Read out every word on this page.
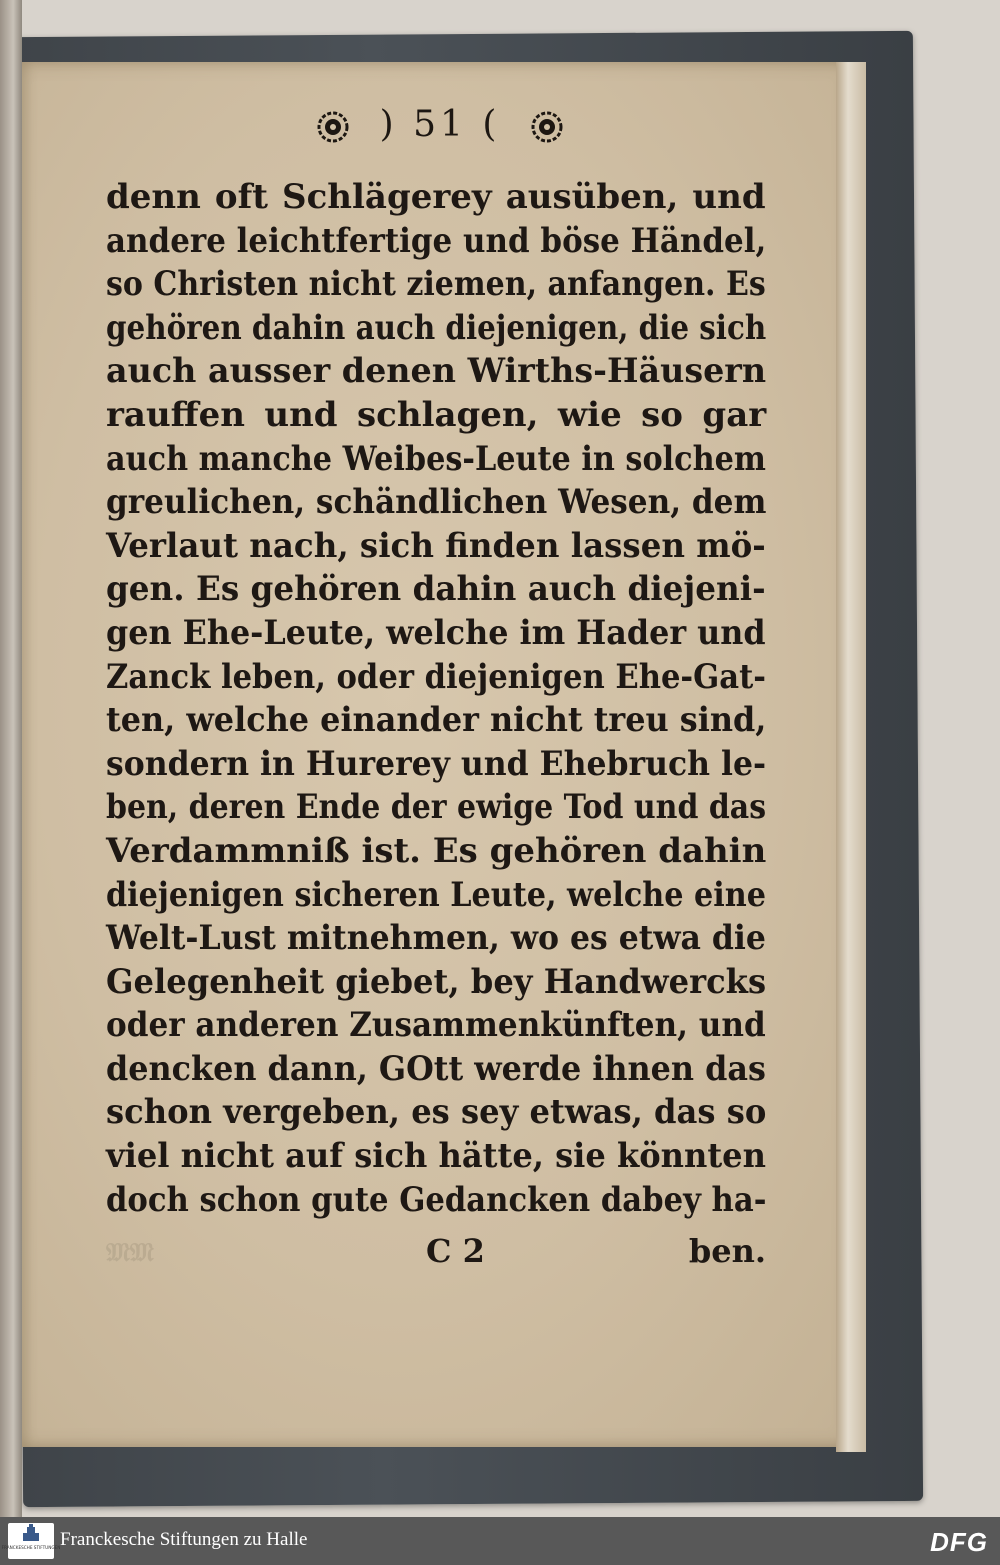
) 51 (
denn oft Schlägerey ausüben, und
andere leichtfertige und böse Händel,
so Christen nicht ziemen, anfangen. Es
gehören dahin auch diejenigen, die sich
auch ausser denen Wirths-Häusern
rauffen und schlagen, wie so gar
auch manche Weibes-Leute in solchem
greulichen, schändlichen Wesen, dem
Verlaut nach, sich finden lassen mö-
gen. Es gehören dahin auch diejeni-
gen Ehe-Leute, welche im Hader und
Zanck leben, oder diejenigen Ehe-Gat-
ten, welche einander nicht treu sind,
sondern in Hurerey und Ehebruch le-
ben, deren Ende der ewige Tod und das
Verdammniß ist. Es gehören dahin
diejenigen sicheren Leute, welche eine
Welt-Lust mitnehmen, wo es etwa die
Gelegenheit giebet, bey Handwercks
oder anderen Zusammenkünften, und
dencken dann, GOtt werde ihnen das
schon vergeben, es sey etwas, das so
viel nicht auf sich hätte, sie könnten
doch schon gute Gedancken dabey ha-
𝔐𝔐	C 2	ben.
FRANCKESCHE STIFTUNGEN Franckesche Stiftungen zu Halle	DFG
